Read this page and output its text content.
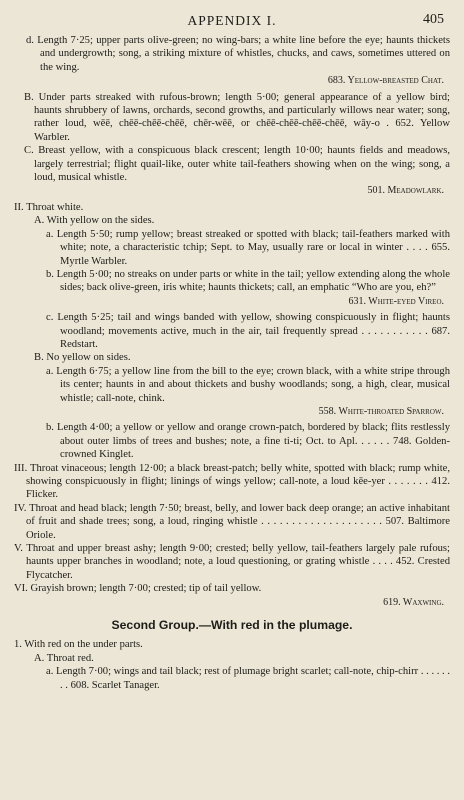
APPENDIX I.	405

d. Length 7·25; upper parts olive-green; no wing-bars; a white line before the eye; haunts thickets and undergrowth; song, a striking mixture of whistles, chucks, and caws, sometimes uttered on the wing.

683. Yellow-breasted Chat.

B. Under parts streaked with rufous-brown; length 5·00; general appearance of a yellow bird; haunts shrubbery of lawns, orchards, second growths, and particularly willows near water; song, rather loud, wēē, chēē-chēē-chēē, chēr-wēē, or chēē-chēē-chēē-chēē, wāy-o . 652. Yellow Warbler.

C. Breast yellow, with a conspicuous black crescent; length 10·00; haunts fields and meadows, largely terrestrial; flight quail-like, outer white tail-feathers showing when on the wing; song, a loud, musical whistle.

501. Meadowlark.

II. Throat white.

A. With yellow on the sides.

a. Length 5·50; rump yellow; breast streaked or spotted with black; tail-feathers marked with white; note, a characteristic tchip; Sept. to May, usually rare or local in winter . . . . 655. Myrtle Warbler.

b. Length 5·00; no streaks on under parts or white in the tail; yellow extending along the whole sides; back olive-green, iris white; haunts thickets; call, an emphatic “Who are you, eh?”

631. White-eyed Vireo.

c. Length 5·25; tail and wings banded with yellow, showing conspicuously in flight; haunts woodland; movements active, much in the air, tail frequently spread . . . . . . . . . . . 687. Redstart.

B. No yellow on sides.

a. Length 6·75; a yellow line from the bill to the eye; crown black, with a white stripe through its center; haunts in and about thickets and bushy woodlands; song, a high, clear, musical whistle; call-note, chink.

558. White-throated Sparrow.

b. Length 4·00; a yellow or yellow and orange crown-patch, bordered by black; flits restlessly about outer limbs of trees and bushes; note, a fine ti-ti; Oct. to Apl. . . . . . 748. Golden-crowned Kinglet.

III. Throat vinaceous; length 12·00; a black breast-patch; belly white, spotted with black; rump white, showing conspicuously in flight; linings of wings yellow; call-note, a loud kēe-yer . . . . . . . 412. Flicker.

IV. Throat and head black; length 7·50; breast, belly, and lower back deep orange; an active inhabitant of fruit and shade trees; song, a loud, ringing whistle . . . . . . . . . . . . . . . . . . . . 507. Baltimore Oriole.

V. Throat and upper breast ashy; length 9·00; crested; belly yellow, tail-feathers largely pale rufous; haunts upper branches in woodland; note, a loud questioning, or grating whistle . . . . 452. Crested Flycatcher.

VI. Grayish brown; length 7·00; crested; tip of tail yellow.

619. Waxwing.

Second Group.—With red in the plumage.

1. With red on the under parts.

A. Throat red.

a. Length 7·00; wings and tail black; rest of plumage bright scarlet; call-note, chip-chirr . . . . . . . . 608. Scarlet Tanager.
